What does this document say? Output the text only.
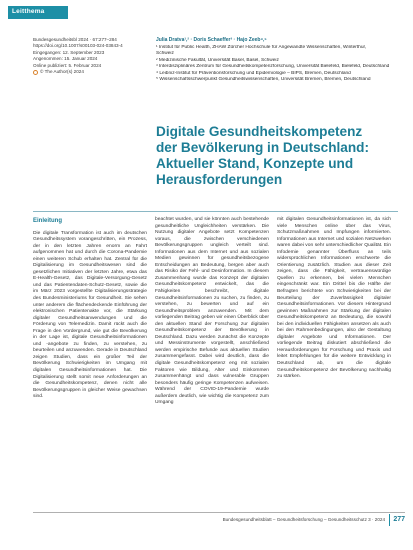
Leitthema
Bundesgesundheitsbl 2024 · 67:277–284
https://doi.org/10.1007/s00103-024-03843-4
Eingegangen: 12. September 2023
Angenommen: 15. Januar 2024
Online publiziert: 5. Februar 2024
© The Author(s) 2024
Julia Dratva¹,² · Doris Schaeffer³ · Hajo Zeeb⁴,⁵
¹ Institut für Public Health, ZHAW Zürcher Hochschule für Angewandte Wissenschaften, Winterthur,
Schweiz
² Medizinische Fakultät, Universität Basel, Basel, Schweiz
³ Interdisziplinäres Zentrum für Gesundheitskompetenzforschung, Universität Bielefeld, Bielefeld, Deutschland
⁴ Leibniz-Institut für Präventionsforschung und Epidemiologie – BIPS, Bremen, Deutschland
⁵ Wissenschaftsschwerpunkt Gesundheitswissenschaften, Universität Bremen, Bremen, Deutschland
Digitale Gesundheitskompetenz
der Bevölkerung in Deutschland:
Aktueller Stand, Konzepte und
Herausforderungen
Einleitung
Die digitale Transformation ist auch im deutschen Gesundheitssystem vorangeschritten, ein Prozess, der in den letzten Jahren enorm an Fahrt aufgenommen hat und durch die Corona-Pandemie einen weiteren Schub erhalten hat. Zentral für die Digitalisierung im Gesundheitswesen sind die gesetzlichen Initiativen der letzten Jahre, etwa das E-Health-Gesetz, das Digitale-Versorgung-Gesetz und das Patientendaten-Schutz-Gesetz, sowie die im März 2023 vorgestellte Digitalisierungsstrategie des Bundesministeriums für Gesundheit. Sie sehen unter anderem die flächendeckende Einführung der elektronischen Patientenakte vor, die Stärkung digitaler Gesundheitsanwendungen und die Förderung von Telemedizin. Damit rückt auch die Frage in den Vordergrund, wie gut die Bevölkerung in der Lage ist, digitale Gesundheitsinformationen und -angebote zu finden, zu verstehen, zu beurteilen und anzuwenden. Gerade in Deutschland zeigen Studien, dass ein großer Teil der Bevölkerung Schwierigkeiten im Umgang mit digitalen Gesundheitsinformationen hat. Die Digitalisierung stellt somit neue Anforderungen an die Gesundheitskompetenz, denen nicht alle Bevölkerungsgruppen in gleicher Weise gewachsen sind.
beachtet wurden, und sie könnten auch bestehende gesundheitliche Ungleichheiten verstärken. Die Nutzung digitaler Angebote setzt Kompetenzen voraus, die zwischen verschiedenen Bevölkerungsgruppen ungleich verteilt sind. Informationen aus dem Internet und aus sozialen Medien gewinnen für gesundheitsbezogene Entscheidungen an Bedeutung, bergen aber auch das Risiko der Fehl- und Desinformation. In diesem Zusammenhang wurde das Konzept der digitalen Gesundheitskompetenz entwickelt, das die Fähigkeiten beschreibt, digitale Gesundheitsinformationen zu suchen, zu finden, zu verstehen, zu bewerten und auf ein Gesundheitsproblem anzuwenden. Mit dem vorliegenden Beitrag geben wir einen Überblick über den aktuellen Stand der Forschung zur digitalen Gesundheitskompetenz der Bevölkerung in Deutschland. Dazu werden zunächst die Konzepte und Messinstrumente vorgestellt, anschließend werden empirische Befunde aus aktuellen Studien zusammengefasst. Dabei wird deutlich, dass die digitale Gesundheitskompetenz eng mit sozialen Faktoren wie Bildung, Alter und Einkommen zusammenhängt und dass vulnerable Gruppen besonders häufig geringe Kompetenzen aufweisen. Während der COVID-19-Pandemie wurde außerdem deutlich, wie wichtig die Kompetenz zum Umgang
mit digitalen Gesundheitsinformationen ist, da sich viele Menschen online über das Virus, Schutzmaßnahmen und Impfungen informierten. Informationen aus Internet und sozialen Netzwerken waren dabei von sehr unterschiedlicher Qualität. Ein Infodemie genannter Überfluss an teils widersprüchlichen Informationen erschwerte die Orientierung zusätzlich. Studien aus dieser Zeit zeigen, dass die Fähigkeit, vertrauenswürdige Quellen zu erkennen, bei vielen Menschen eingeschränkt war. Ein Drittel bis die Hälfte der Befragten berichtete von Schwierigkeiten bei der Beurteilung der Zuverlässigkeit digitaler Gesundheitsinformationen. Vor diesem Hintergrund gewinnen Maßnahmen zur Stärkung der digitalen Gesundheitskompetenz an Bedeutung, die sowohl bei den individuellen Fähigkeiten ansetzen als auch bei den Rahmenbedingungen, also der Gestaltung digitaler Angebote und Informationen. Der vorliegende Beitrag diskutiert abschließend die Herausforderungen für Forschung und Praxis und leitet Empfehlungen für die weitere Entwicklung in Deutschland ab, um die digitale Gesundheitskompetenz der Bevölkerung nachhaltig zu stärken.
Bundesgesundheitsblatt – Gesundheitsforschung – Gesundheitsschutz 3 · 2024	277
